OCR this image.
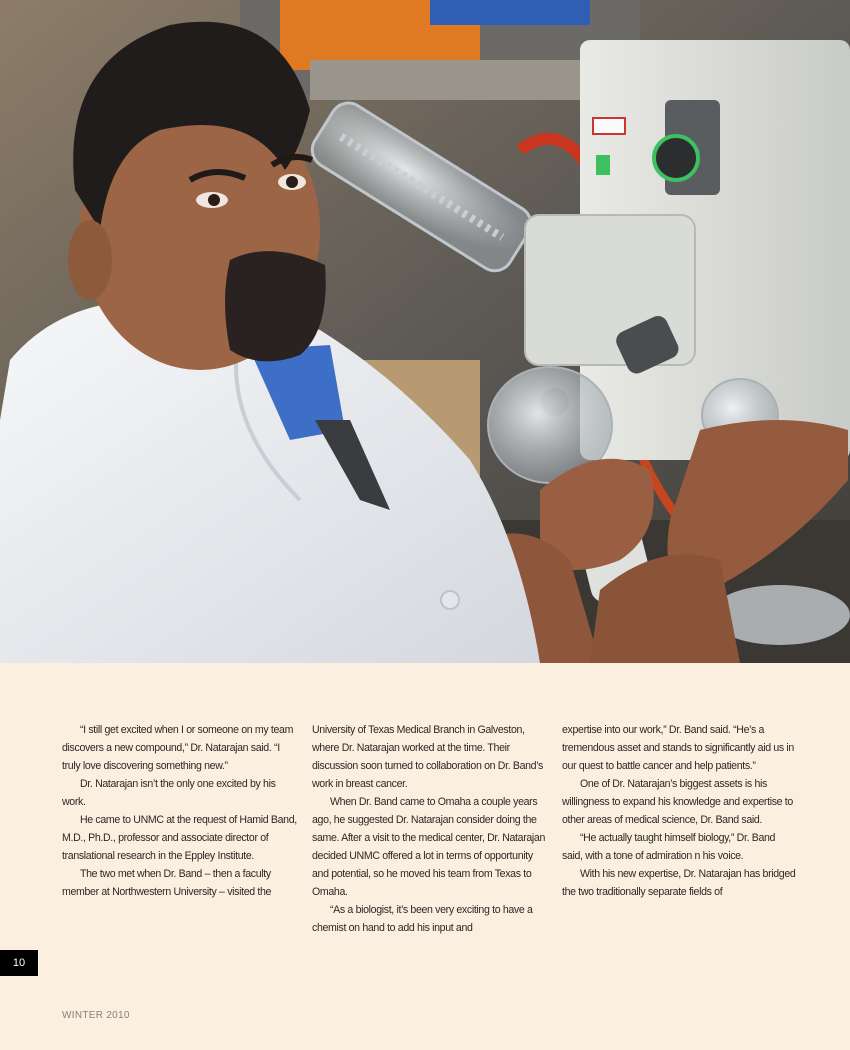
“I still get excited when I or someone on my team discovers a new compound,” Dr. Natarajan said. “I truly love discovering something new.”

Dr. Natarajan isn’t the only one excited by his work.

He came to UNMC at the request of Hamid Band, M.D., Ph.D., professor and associate director of translational research in the Eppley Institute.

The two met when Dr. Band – then a faculty member at Northwestern University – visited the

University of Texas Medical Branch in Galveston, where Dr. Natarajan worked at the time. Their discussion soon turned to collaboration on Dr. Band’s work in breast cancer.

When Dr. Band came to Omaha a couple years ago, he suggested Dr. Natarajan consider doing the same. After a visit to the medical center, Dr. Natarajan decided UNMC offered a lot in terms of opportunity and potential, so he moved his team from Texas to Omaha.

“As a biologist, it’s been very exciting to have a chemist on hand to add his input and

expertise into our work,” Dr. Band said. “He’s a tremendous asset and stands to significantly aid us in our quest to battle cancer and help patients.”

One of Dr. Natarajan’s biggest assets is his willingness to expand his knowledge and expertise to other areas of medical science, Dr. Band said.

“He actually taught himself biology,” Dr. Band said, with a tone of admiration n his voice.

With his new expertise, Dr. Natarajan has bridged the two traditionally separate fields of

10
WINTER 2010
